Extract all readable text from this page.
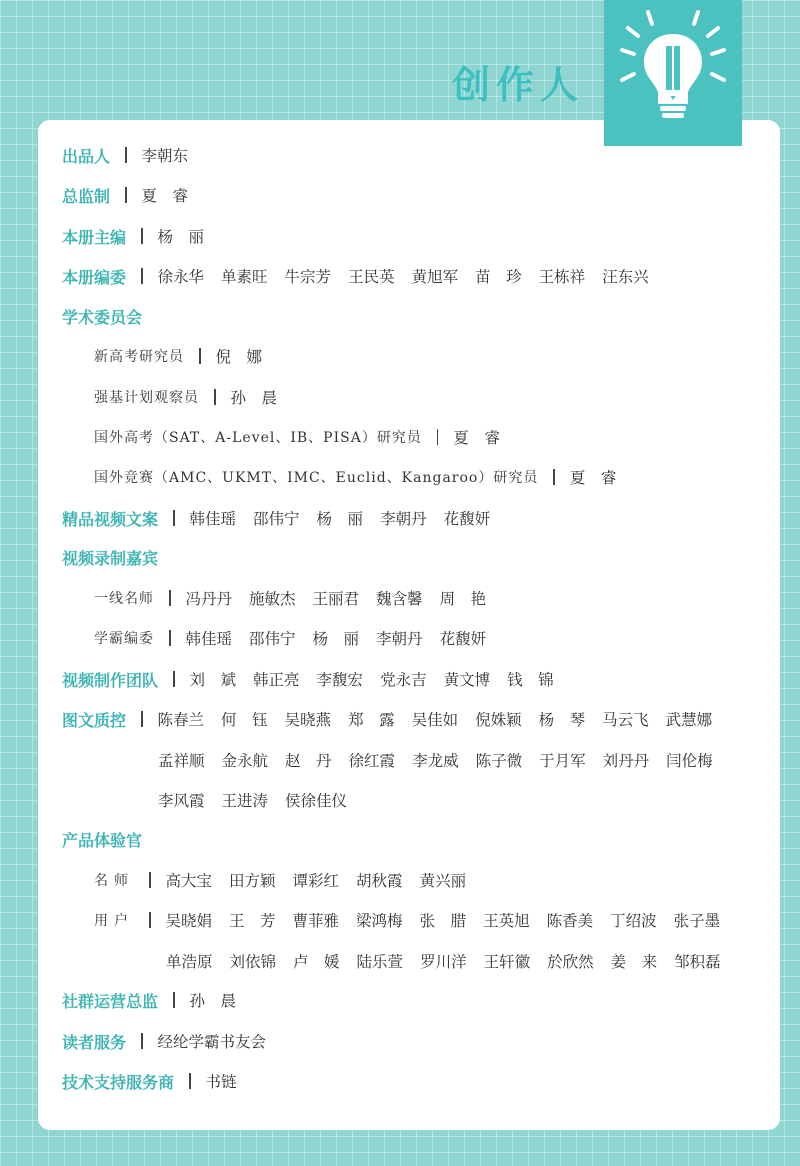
创作人
出品人 李朝东
总监制 夏　睿
本册主编 杨　丽
本册编委 徐永华 单素旺 牛宗芳 王民英 黄旭军 苗　珍 王栋祥 汪东兴
学术委员会
新高考研究员 倪　娜
强基计划观察员 孙　晨
国外高考（SAT、A-Level、IB、PISA）研究员 夏　睿
国外竞赛（AMC、UKMT、IMC、Euclid、Kangaroo）研究员 夏　睿
精品视频文案 韩佳瑶 邵伟宁 杨　丽 李朝丹 花馥妍
视频录制嘉宾
一线名师 冯丹丹 施敏杰 王丽君 魏含馨 周　艳
学霸编委 韩佳瑶 邵伟宁 杨　丽 李朝丹 花馥妍
视频制作团队 刘　斌 韩正亮 李馥宏 党永吉 黄文博 钱　锦
图文质控 陈春兰 何　钰 吴晓燕 郑　露 吴佳如 倪姝颖 杨　琴 马云飞 武慧娜
孟祥顺 金永航 赵　丹 徐红霞 李龙威 陈子微 于月军 刘丹丹 闫伦梅
李风霞 王进涛 侯徐佳仪
产品体验官
名师 高大宝 田方颖 谭彩红 胡秋霞 黄兴丽
用户 吴晓娟 王　芳 曹菲雅 梁鸿梅 张　腊 王英旭 陈香美 丁绍波 张子墨
单浩原 刘依锦 卢　媛 陆乐萱 罗川洋 王轩徽 於欣然 姜　来 邹积磊
社群运营总监 孙　晨
读者服务 经纶学霸书友会
技术支持服务商 书链
